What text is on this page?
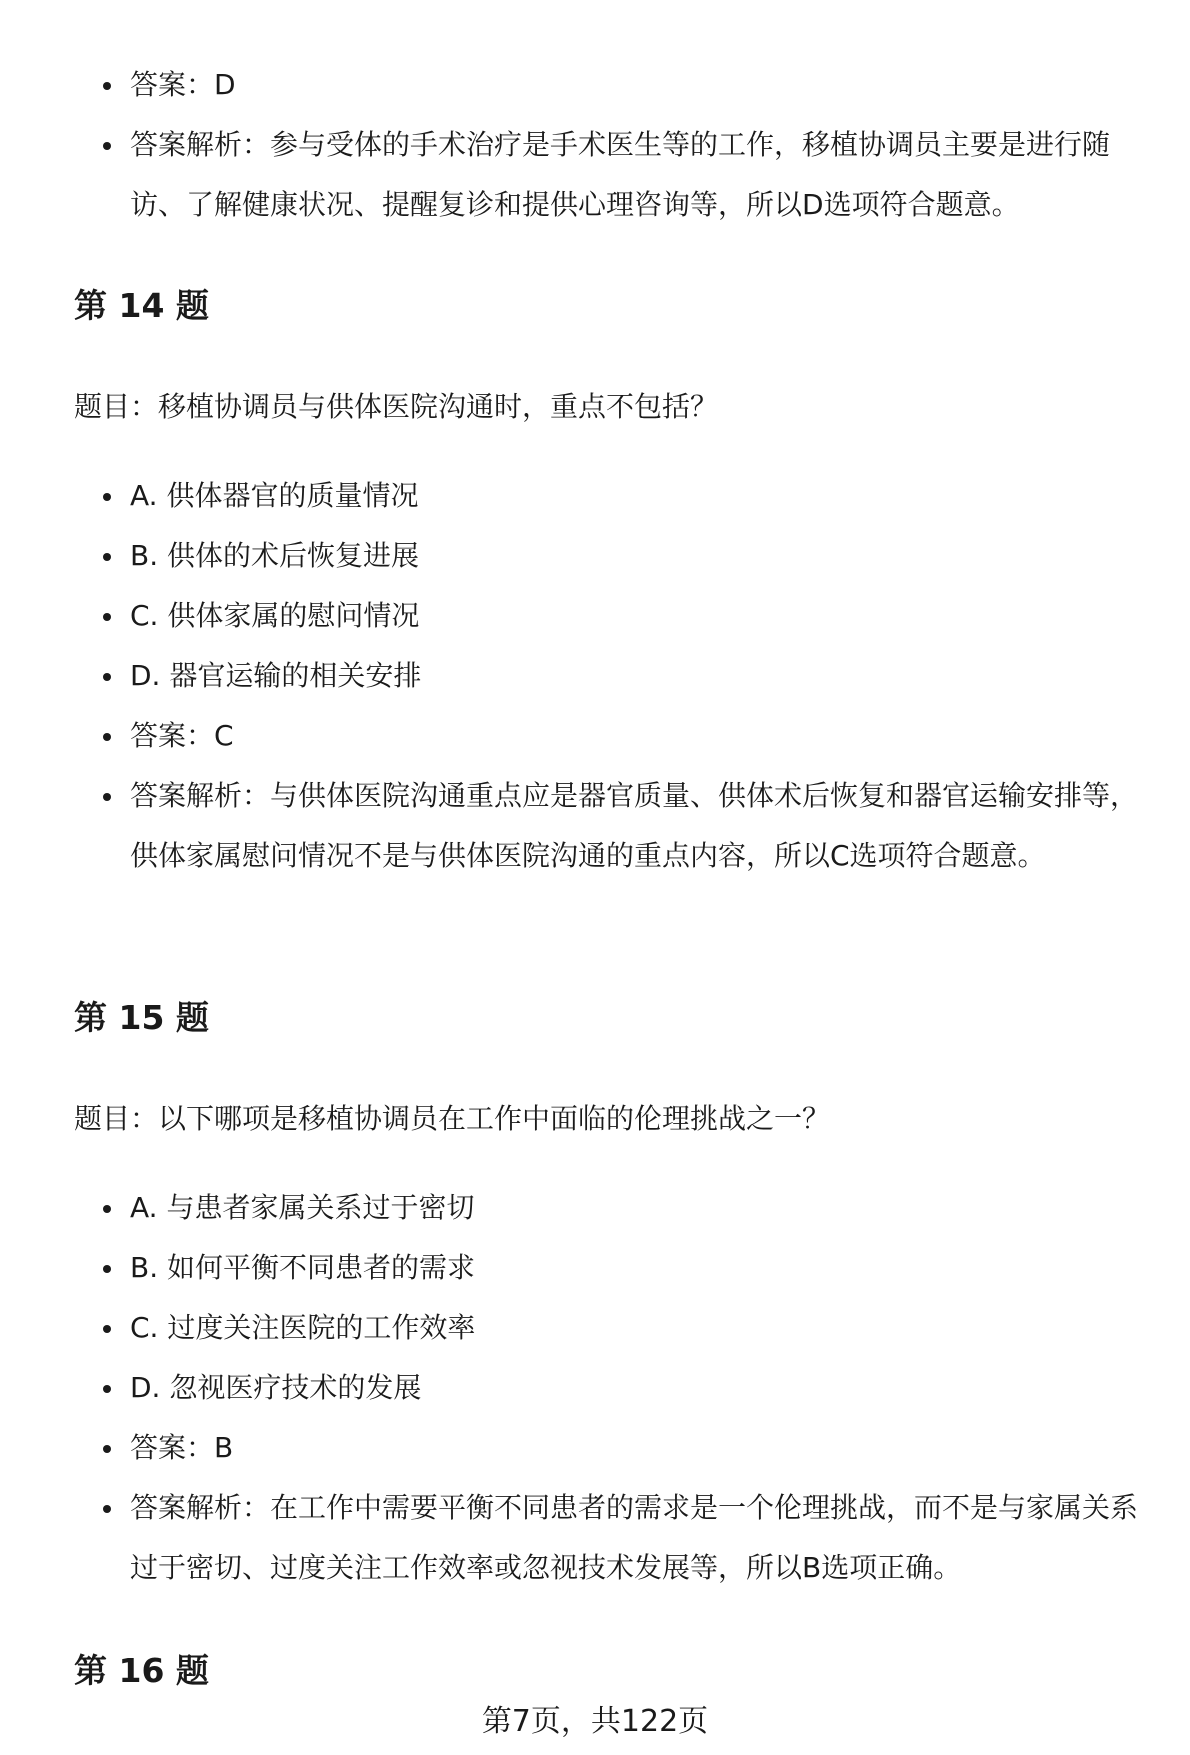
答案：D
答案解析：参与受体的手术治疗是手术医生等的工作，移植协调员主要是进行随访、了解健康状况、提醒复诊和提供心理咨询等，所以D选项符合题意。
第 14 题

题目：移植协调员与供体医院沟通时，重点不包括？

A. 供体器官的质量情况
B. 供体的术后恢复进展
C. 供体家属的慰问情况
D. 器官运输的相关安排
答案：C
答案解析：与供体医院沟通重点应是器官质量、供体术后恢复和器官运输安排等，供体家属慰问情况不是与供体医院沟通的重点内容，所以C选项符合题意。
第 15 题

题目：以下哪项是移植协调员在工作中面临的伦理挑战之一？

A. 与患者家属关系过于密切
B. 如何平衡不同患者的需求
C. 过度关注医院的工作效率
D. 忽视医疗技术的发展
答案：B
答案解析：在工作中需要平衡不同患者的需求是一个伦理挑战，而不是与家属关系过于密切、过度关注工作效率或忽视技术发展等，所以B选项正确。
第 16 题
第7页，共122页
